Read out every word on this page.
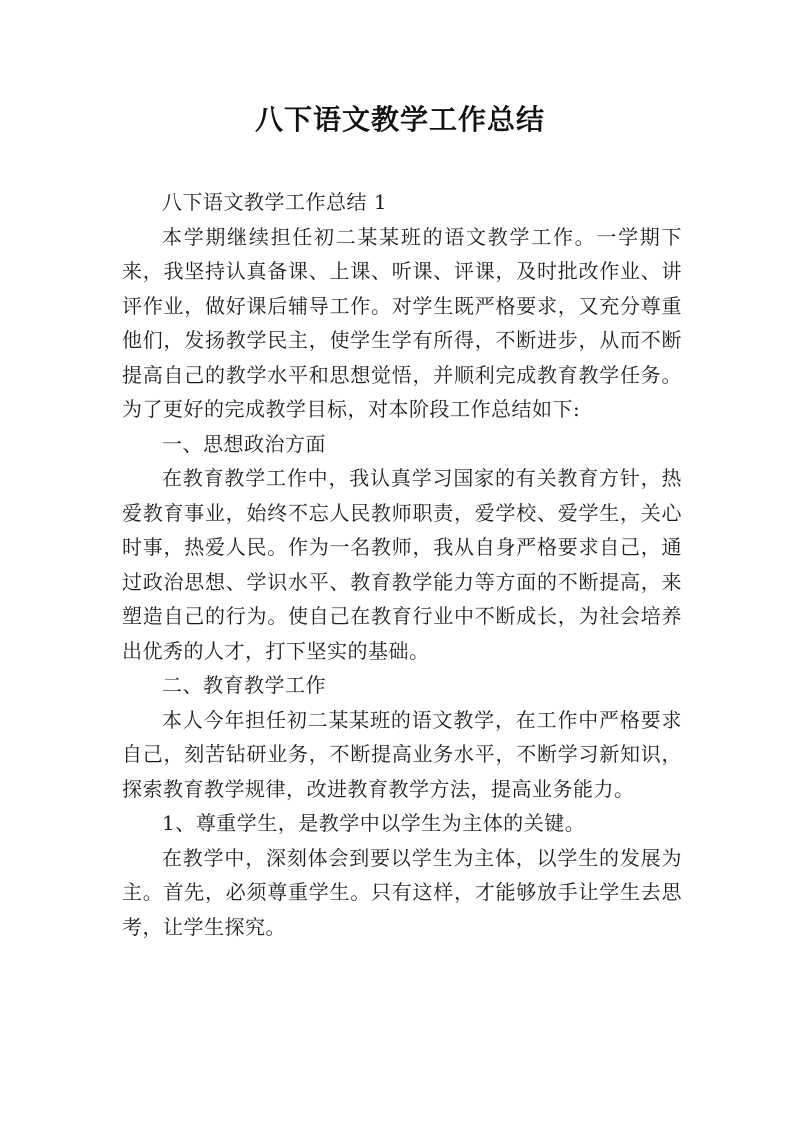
八下语文教学工作总结

八下语文教学工作总结 1

本学期继续担任初二某某班的语文教学工作。一学期下来，我坚持认真备课、上课、听课、评课，及时批改作业、讲评作业，做好课后辅导工作。对学生既严格要求，又充分尊重他们，发扬教学民主，使学生学有所得，不断进步，从而不断提高自己的教学水平和思想觉悟，并顺利完成教育教学任务。为了更好的完成教学目标，对本阶段工作总结如下:

一、思想政治方面

在教育教学工作中，我认真学习国家的有关教育方针，热爱教育事业，始终不忘人民教师职责，爱学校、爱学生，关心时事，热爱人民。作为一名教师，我从自身严格要求自己，通过政治思想、学识水平、教育教学能力等方面的不断提高，来塑造自己的行为。使自己在教育行业中不断成长，为社会培养出优秀的人才，打下坚实的基础。

二、教育教学工作

本人今年担任初二某某班的语文教学，在工作中严格要求自己，刻苦钻研业务，不断提高业务水平，不断学习新知识，探索教育教学规律，改进教育教学方法，提高业务能力。

1、尊重学生，是教学中以学生为主体的关键。

在教学中，深刻体会到要以学生为主体，以学生的发展为主。首先，必须尊重学生。只有这样，才能够放手让学生去思考，让学生探究。
